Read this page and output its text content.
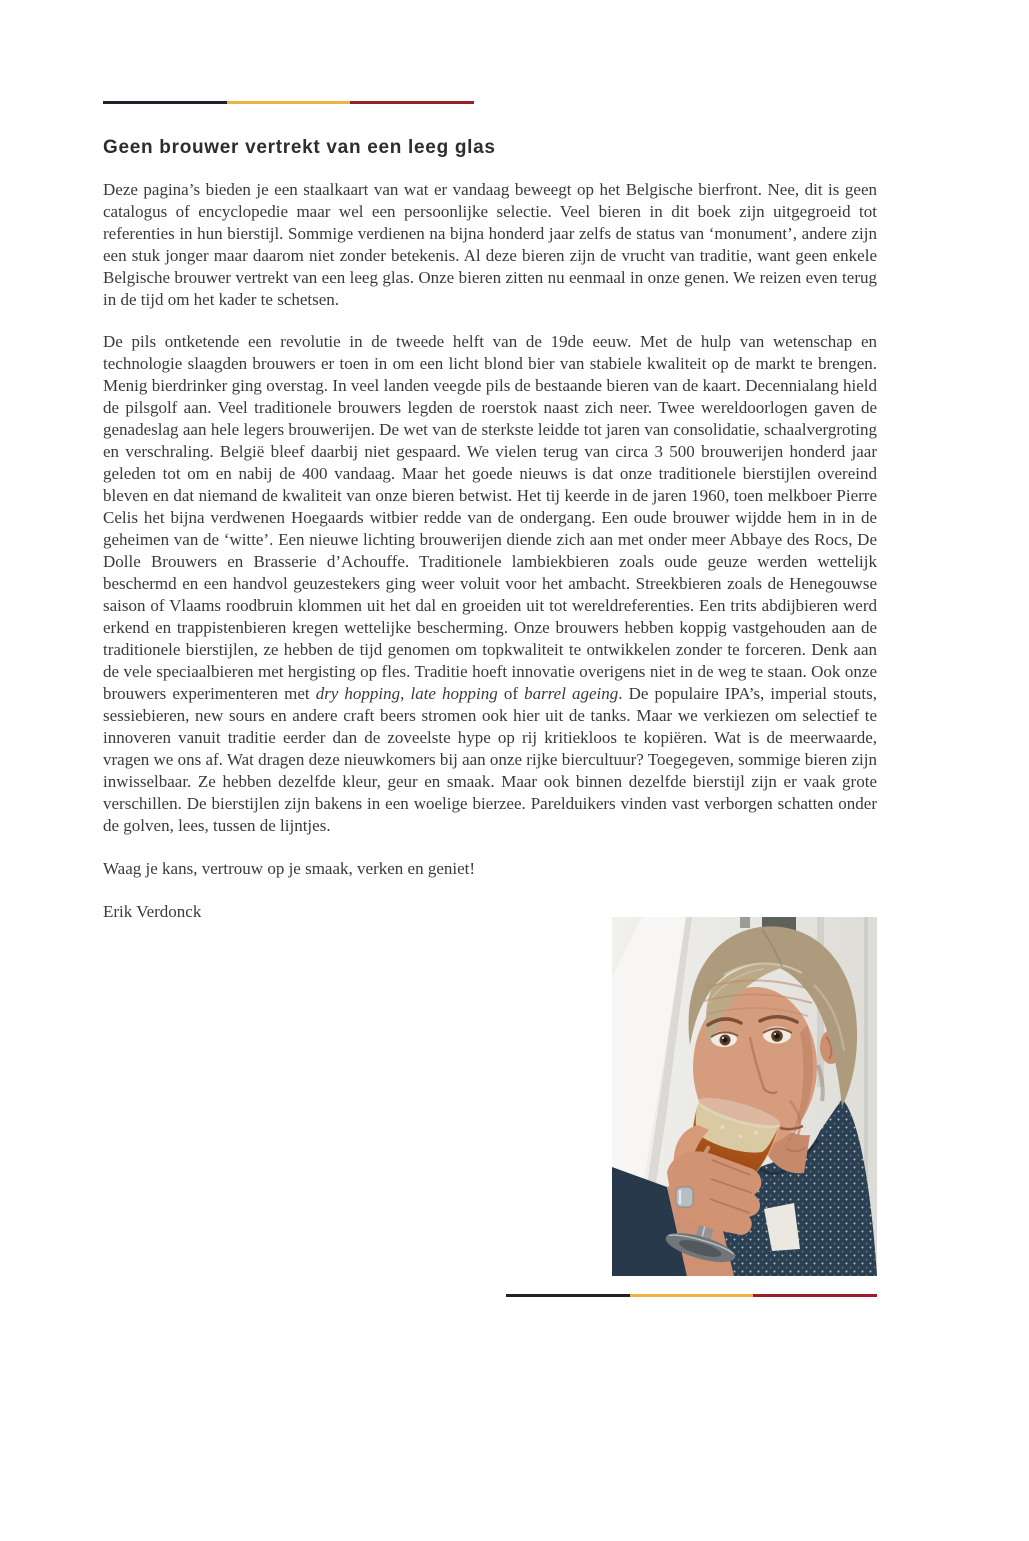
Geen brouwer vertrekt van een leeg glas

Deze pagina’s bieden je een staalkaart van wat er vandaag beweegt op het Belgische bierfront. Nee, dit is geen catalogus of encyclopedie maar wel een persoonlijke selectie. Veel bieren in dit boek zijn uitgegroeid tot referenties in hun bierstijl. Sommige verdienen na bijna honderd jaar zelfs de status van ‘monument’, andere zijn een stuk jonger maar daarom niet zonder betekenis. Al deze bieren zijn de vrucht van traditie, want geen enkele Belgische brouwer vertrekt van een leeg glas. Onze bieren zitten nu eenmaal in onze genen. We reizen even terug in de tijd om het kader te schetsen.

De pils ontketende een revolutie in de tweede helft van de 19de eeuw. Met de hulp van wetenschap en technologie slaagden brouwers er toen in om een licht blond bier van stabiele kwaliteit op de markt te brengen. Menig bierdrinker ging overstag. In veel landen veegde pils de bestaande bieren van de kaart. Decennialang hield de pilsgolf aan. Veel traditionele brouwers legden de roerstok naast zich neer. Twee wereldoorlogen gaven de genadeslag aan hele legers brouwerijen. De wet van de sterkste leidde tot jaren van consolidatie, schaalvergroting en verschraling. België bleef daarbij niet gespaard. We vielen terug van circa 3 500 brouwerijen honderd jaar geleden tot om en nabij de 400 vandaag. Maar het goede nieuws is dat onze traditionele bierstijlen overeind bleven en dat niemand de kwaliteit van onze bieren betwist. Het tij keerde in de jaren 1960, toen melkboer Pierre Celis het bijna verdwenen Hoegaards witbier redde van de ondergang. Een oude brouwer wijdde hem in in de geheimen van de ‘witte’. Een nieuwe lichting brouwerijen diende zich aan met onder meer Abbaye des Rocs, De Dolle Brouwers en Brasserie d’Achouffe. Traditionele lambiekbieren zoals oude geuze werden wettelijk beschermd en een handvol geuzestekers ging weer voluit voor het ambacht. Streekbieren zoals de Henegouwse saison of Vlaams roodbruin klommen uit het dal en groeiden uit tot wereldreferenties. Een trits abdijbieren werd erkend en trappistenbieren kregen wettelijke bescherming. Onze brouwers hebben koppig vastgehouden aan de traditionele bierstijlen, ze hebben de tijd genomen om topkwaliteit te ontwikkelen zonder te forceren. Denk aan de vele speciaalbieren met hergisting op fles. Traditie hoeft innovatie overigens niet in de weg te staan. Ook onze brouwers experimenteren met dry hopping, late hopping of barrel ageing. De populaire IPA’s, imperial stouts, sessiebieren, new sours en andere craft beers stromen ook hier uit de tanks. Maar we verkiezen om selectief te innoveren vanuit traditie eerder dan de zoveelste hype op rij kritiekloos te kopiëren. Wat is de meerwaarde, vragen we ons af. Wat dragen deze nieuwkomers bij aan onze rijke biercultuur? Toegegeven, sommige bieren zijn inwisselbaar. Ze hebben dezelfde kleur, geur en smaak. Maar ook binnen dezelfde bierstijl zijn er vaak grote verschillen. De bierstijlen zijn bakens in een woelige bierzee. Parelduikers vinden vast verborgen schatten onder de golven, lees, tussen de lijntjes.

Waag je kans, vertrouw op je smaak, verken en geniet!

Erik Verdonck
